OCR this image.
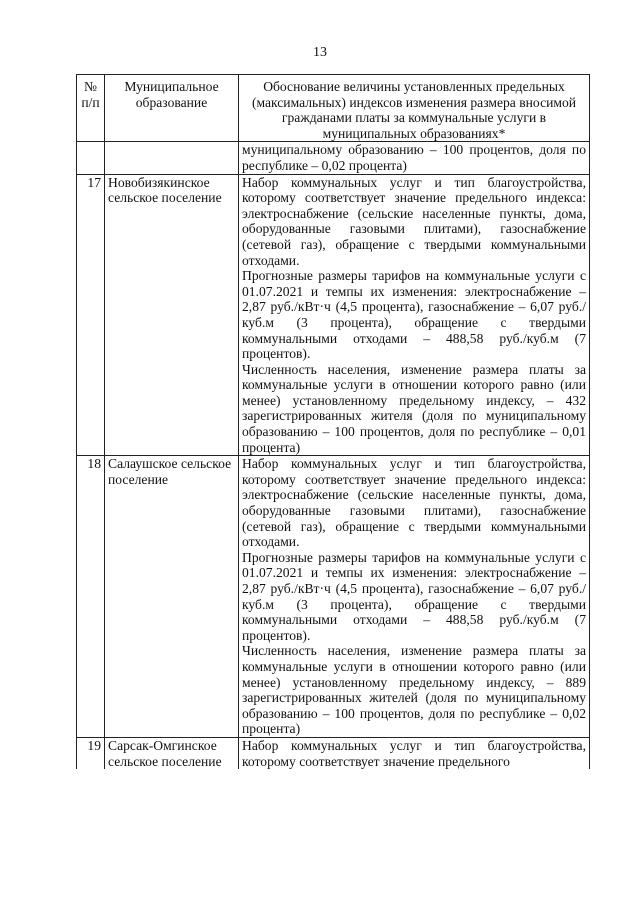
13
№ п/п	Муниципальное образование	Обоснование величины установленных предельных (максимальных) индексов изменения размера вносимой гражданами платы за коммунальные услуги в муниципальных образованиях*
		муниципальному образованию – 100 процентов, доля по республике – 0,02 процента)
17	Новобизякинское сельское поселение	Набор коммунальных услуг и тип благоустройства, которому соответствует значение предельного индекса: электроснабжение (сельские населенные пункты, дома, оборудованные газовыми плитами), газоснабжение (сетевой газ), обращение с твердыми коммунальными отходами.

Прогнозные размеры тарифов на коммунальные услуги с 01.07.2021 и темпы их изменения: электроснабжение – 2,87 руб./кВт·ч (4,5 процента), газоснабжение – 6,07 руб./куб.м (3 процента), обращение с твердыми коммунальными отходами – 488,58 руб./куб.м (7 процентов).

Численность населения, изменение размера платы за коммунальные услуги в отношении которого равно (или менее) установленному предельному индексу, – 432 зарегистрированных жителя (доля по муниципальному образованию – 100 процентов, доля по республике – 0,01 процента)

18	Салаушское сельское поселение	Набор коммунальных услуг и тип благоустройства, которому соответствует значение предельного индекса: электроснабжение (сельские населенные пункты, дома, оборудованные газовыми плитами), газоснабжение (сетевой газ), обращение с твердыми коммунальными отходами.

Прогнозные размеры тарифов на коммунальные услуги с 01.07.2021 и темпы их изменения: электроснабжение – 2,87 руб./кВт·ч (4,5 процента), газоснабжение – 6,07 руб./куб.м (3 процента), обращение с твердыми коммунальными отходами – 488,58 руб./куб.м (7 процентов).

Численность населения, изменение размера платы за коммунальные услуги в отношении которого равно (или менее) установленному предельному индексу, – 889 зарегистрированных жителей (доля по муниципальному образованию – 100 процентов, доля по республике – 0,02 процента)

19	Сарсак-Омгинское сельское поселение	Набор коммунальных услуг и тип благоустройства, которому соответствует значение предельного
